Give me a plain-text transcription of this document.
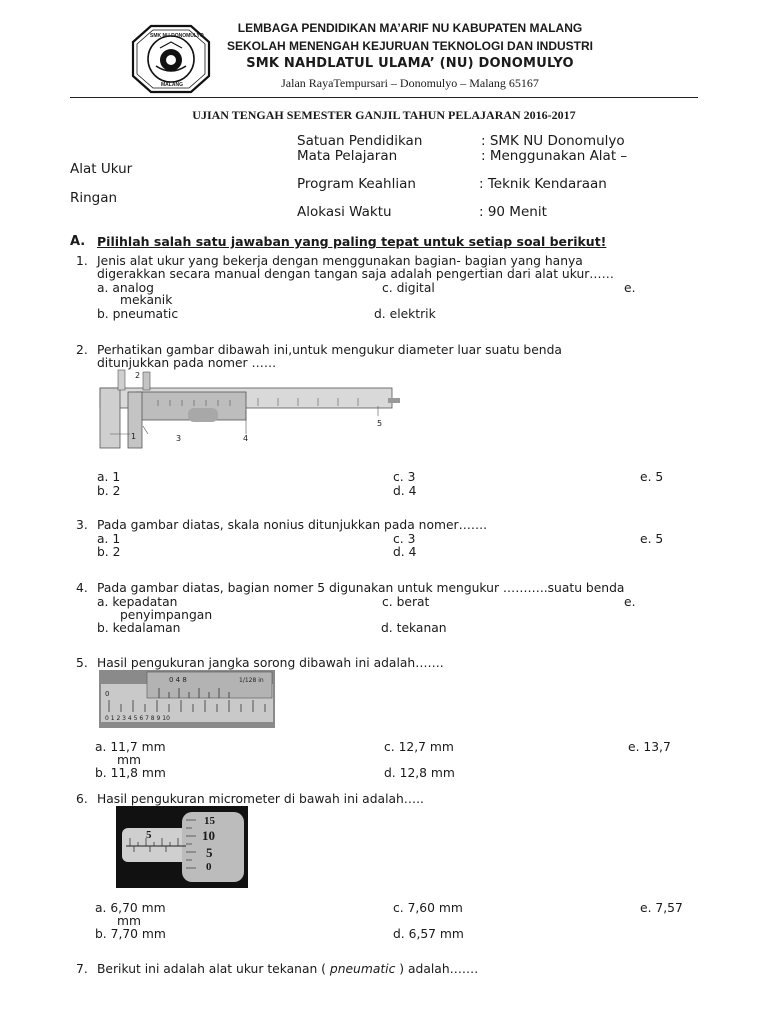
SMK NU DONOMULYO
MALANG
LEMBAGA PENDIDIKAN MA’ARIF NU KABUPATEN MALANG
SEKOLAH MENENGAH KEJURUAN TEKNOLOGI DAN INDUSTRI
SMK NAHDLATUL ULAMA’ (NU) DONOMULYO
Jalan RayaTempursari – Donomulyo – Malang 65167
UJIAN TENGAH SEMESTER GANJIL TAHUN PELAJARAN 2016-2017
Satuan Pendidikan	: SMK NU Donomulyo
Mata Pelajaran	: Menggunakan Alat –
Alat Ukur
Program Keahlian	: Teknik Kendaraan
Ringan
Alokasi Waktu	: 90 Menit
A. Pilihlah salah satu jawaban yang paling tepat untuk setiap soal berikut!
1. Jenis alat ukur yang bekerja dengan menggunakan bagian- bagian yang hanya
digerakkan secara manual dengan tangan saja adalah pengertian dari alat ukur……
a. analog	c. digital	e.
mekanik
b. pneumatic	d. elektrik
2. Perhatikan gambar dibawah ini,untuk mengukur diameter luar suatu benda
ditunjukkan pada nomer ……
1
2
3	4
5
a. 1	c. 3	e. 5
b. 2	d. 4
3. Pada gambar diatas, skala nonius ditunjukkan pada nomer…….
a. 1	c. 3	e. 5
b. 2	d. 4
4. Pada gambar diatas, bagian nomer 5 digunakan untuk mengukur ………..suatu benda
a. kepadatan	c. berat	e.
penyimpangan
b. kedalaman	d. tekanan
5. Hasil pengukuran jangka sorong dibawah ini adalah…….
0
0 4 8	1/128 in
0 1 2 3 4 5 6 7 8 9 10
a. 11,7 mm	c. 12,7 mm	e. 13,7
mm
b. 11,8 mm	d. 12,8 mm
6. Hasil pengukuran micrometer di bawah ini adalah…..
5
15
10
5
0
a. 6,70 mm	c. 7,60 mm	e. 7,57
mm
b. 7,70 mm	d. 6,57 mm
7. Berikut ini adalah alat ukur tekanan ( pneumatic ) adalah…….
